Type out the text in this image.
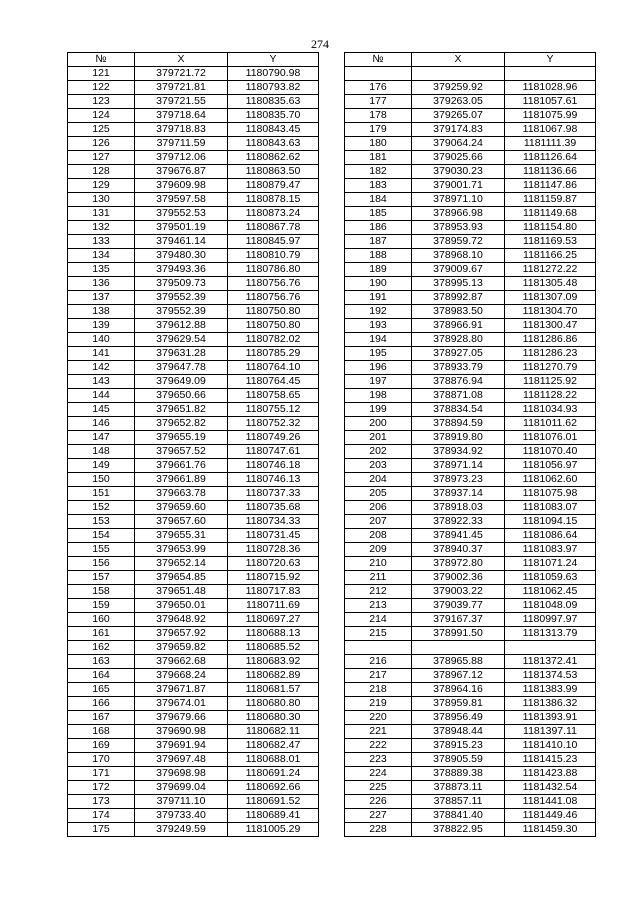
274
№	X	Y
121	379721.72	1180790.98
122	379721.81	1180793.82
123	379721.55	1180835.63
124	379718.64	1180835.70
125	379718.83	1180843.45
126	379711.59	1180843.63
127	379712.06	1180862.62
128	379676.87	1180863.50
129	379609.98	1180879.47
130	379597.58	1180878.15
131	379552.53	1180873.24
132	379501.19	1180867.78
133	379461.14	1180845.97
134	379480.30	1180810.79
135	379493.36	1180786.80
136	379509.73	1180756.76
137	379552.39	1180756.76
138	379552.39	1180750.80
139	379612.88	1180750.80
140	379629.54	1180782.02
141	379631.28	1180785.29
142	379647.78	1180764.10
143	379649.09	1180764.45
144	379650.66	1180758.65
145	379651.82	1180755.12
146	379652.82	1180752.32
147	379655.19	1180749.26
148	379657.52	1180747.61
149	379661.76	1180746.18
150	379661.89	1180746.13
151	379663.78	1180737.33
152	379659.60	1180735.68
153	379657.60	1180734.33
154	379655.31	1180731.45
155	379653.99	1180728.36
156	379652.14	1180720.63
157	379654.85	1180715.92
158	379651.48	1180717.83
159	379650.01	1180711.69
160	379648.92	1180697.27
161	379657.92	1180688.13
162	379659.82	1180685.52
163	379662.68	1180683.92
164	379668.24	1180682.89
165	379671.87	1180681.57
166	379674.01	1180680.80
167	379679.66	1180680.30
168	379690.98	1180682.11
169	379691.94	1180682.47
170	379697.48	1180688.01
171	379698.98	1180691.24
172	379699.04	1180692.66
173	379711.10	1180691.52
174	379733.40	1180689.41
175	379249.59	1181005.29
№	X	Y

176	379259.92	1181028.96
177	379263.05	1181057.61
178	379265.07	1181075.99
179	379174.83	1181067.98
180	379064.24	1181111.39
181	379025.66	1181126.64
182	379030.23	1181136.66
183	379001.71	1181147.86
184	378971.10	1181159.87
185	378966.98	1181149.68
186	378953.93	1181154.80
187	378959.72	1181169.53
188	378968.10	1181166.25
189	379009.67	1181272.22
190	378995.13	1181305.48
191	378992.87	1181307.09
192	378983.50	1181304.70
193	378966.91	1181300.47
194	378928.80	1181286.86
195	378927.05	1181286.23
196	378933.79	1181270.79
197	378876.94	1181125.92
198	378871.08	1181128.22
199	378834.54	1181034.93
200	378894.59	1181011.62
201	378919.80	1181076.01
202	378934.92	1181070.40
203	378971.14	1181056.97
204	378973.23	1181062.60
205	378937.14	1181075.98
206	378918.03	1181083.07
207	378922.33	1181094.15
208	378941.45	1181086.64
209	378940.37	1181083.97
210	378972.80	1181071.24
211	379002.36	1181059.63
212	379003.22	1181062.45
213	379039.77	1181048.09
214	379167.37	1180997.97
215	378991.50	1181313.79

216	378965.88	1181372.41
217	378967.12	1181374.53
218	378964.16	1181383.99
219	378959.81	1181386.32
220	378956.49	1181393.91
221	378948.44	1181397.11
222	378915.23	1181410.10
223	378905.59	1181415.23
224	378889.38	1181423.88
225	378873.11	1181432.54
226	378857.11	1181441.08
227	378841.40	1181449.46
228	378822.95	1181459.30
